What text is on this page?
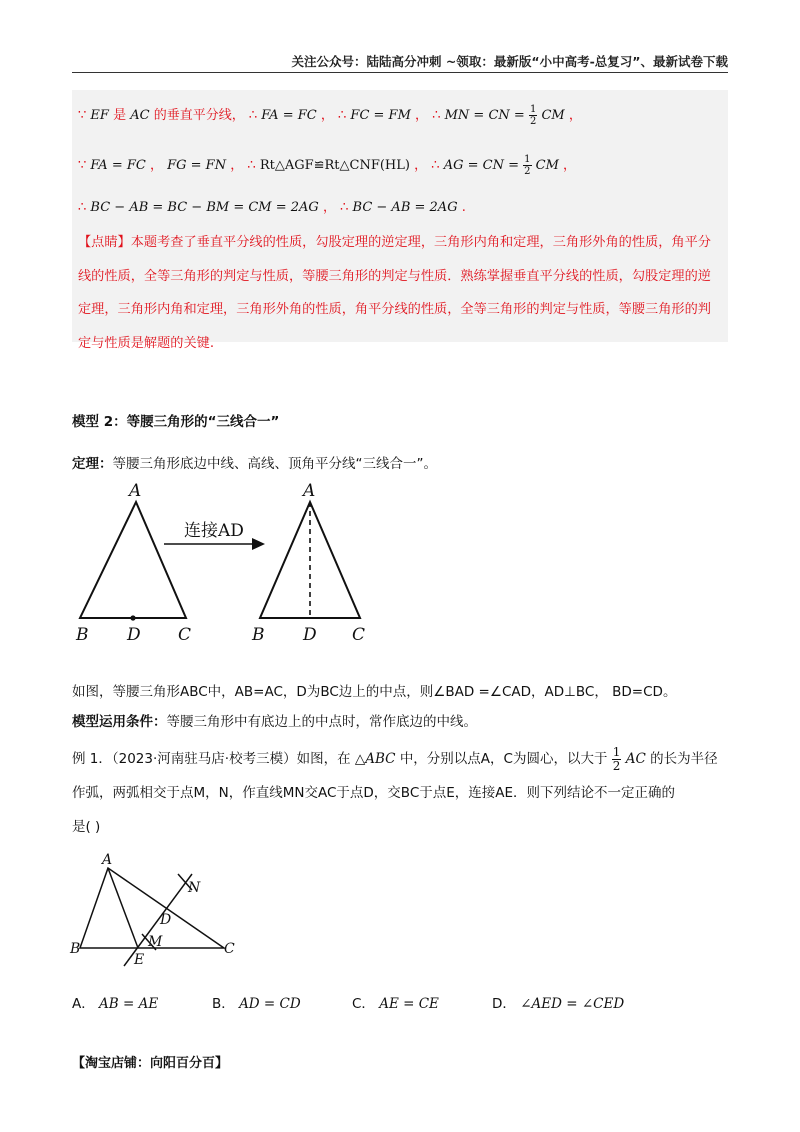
关注公众号：陆陆高分冲刺 ~领取：最新版“小中高考-总复习”、最新试卷下载
∵ EF 是 AC 的垂直平分线， ∴ FA = FC ， ∴ FC = FM ， ∴ MN = CN = $\frac{1}{2}$ CM ，
∵ FA = FC ， FG = FN ， ∴ Rt△AGF≌Rt△CNF(HL) ， ∴ AG = CN = $\frac{1}{2}$ CM ，
∴ BC − AB = BC − BM = CM = 2AG ， ∴ BC − AB = 2AG .
【点睛】本题考查了垂直平分线的性质，勾股定理的逆定理，三角形内角和定理，三角形外角的性质，角平分线的性质，全等三角形的判定与性质，等腰三角形的判定与性质．熟练掌握垂直平分线的性质，勾股定理的逆定理，三角形内角和定理，三角形外角的性质，角平分线的性质，全等三角形的判定与性质，等腰三角形的判定与性质是解题的关键.
模型 2：等腰三角形的“三线合一”
定理：等腰三角形底边中线、高线、顶角平分线“三线合一”。
A
B D C
A
B D C
连接AD
如图，等腰三角形ABC中，AB=AC，D为BC边上的中点，则∠BAD =∠CAD，AD⊥BC， BD=CD。
模型运用条件：等腰三角形中有底边上的中点时，常作底边的中线。
例 1．（2023·河南驻马店·校考三模）如图，在 △ABC 中，分别以点A，C为圆心，以大于 $\frac{1}{2}$ AC 的长为半径
作弧，两弧相交于点M，N，作直线MN交AC于点D，交BC于点E，连接AE．则下列结论不一定正确的
是( )
A
B	C
D
E
M
N
A． AB = AE	B． AD = CD	C． AE = CE	D． ∠AED = ∠CED
【淘宝店铺：向阳百分百】
